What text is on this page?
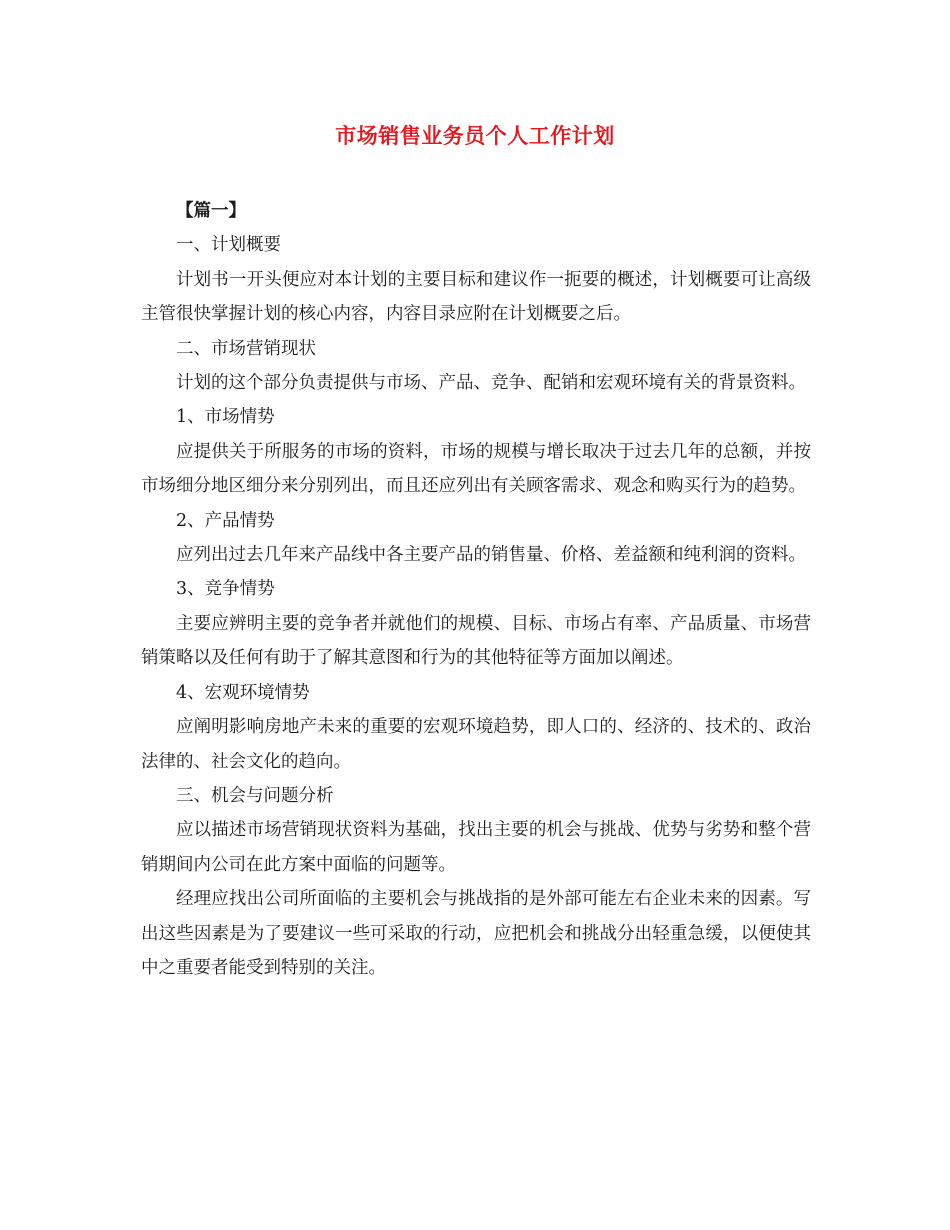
市场销售业务员个人工作计划

【篇一】

一、计划概要

计划书一开头便应对本计划的主要目标和建议作一扼要的概述，计划概要可让高级主管很快掌握计划的核心内容，内容目录应附在计划概要之后。

二、市场营销现状

计划的这个部分负责提供与市场、产品、竞争、配销和宏观环境有关的背景资料。

1、市场情势

应提供关于所服务的市场的资料，市场的规模与增长取决于过去几年的总额，并按市场细分地区细分来分别列出，而且还应列出有关顾客需求、观念和购买行为的趋势。

2、产品情势

应列出过去几年来产品线中各主要产品的销售量、价格、差益额和纯利润的资料。

3、竞争情势

主要应辨明主要的竞争者并就他们的规模、目标、市场占有率、产品质量、市场营销策略以及任何有助于了解其意图和行为的其他特征等方面加以阐述。

4、宏观环境情势

应阐明影响房地产未来的重要的宏观环境趋势，即人口的、经济的、技术的、政治法律的、社会文化的趋向。

三、机会与问题分析

应以描述市场营销现状资料为基础，找出主要的机会与挑战、优势与劣势和整个营销期间内公司在此方案中面临的问题等。

经理应找出公司所面临的主要机会与挑战指的是外部可能左右企业未来的因素。写出这些因素是为了要建议一些可采取的行动，应把机会和挑战分出轻重急缓，以便使其中之重要者能受到特别的关注。
